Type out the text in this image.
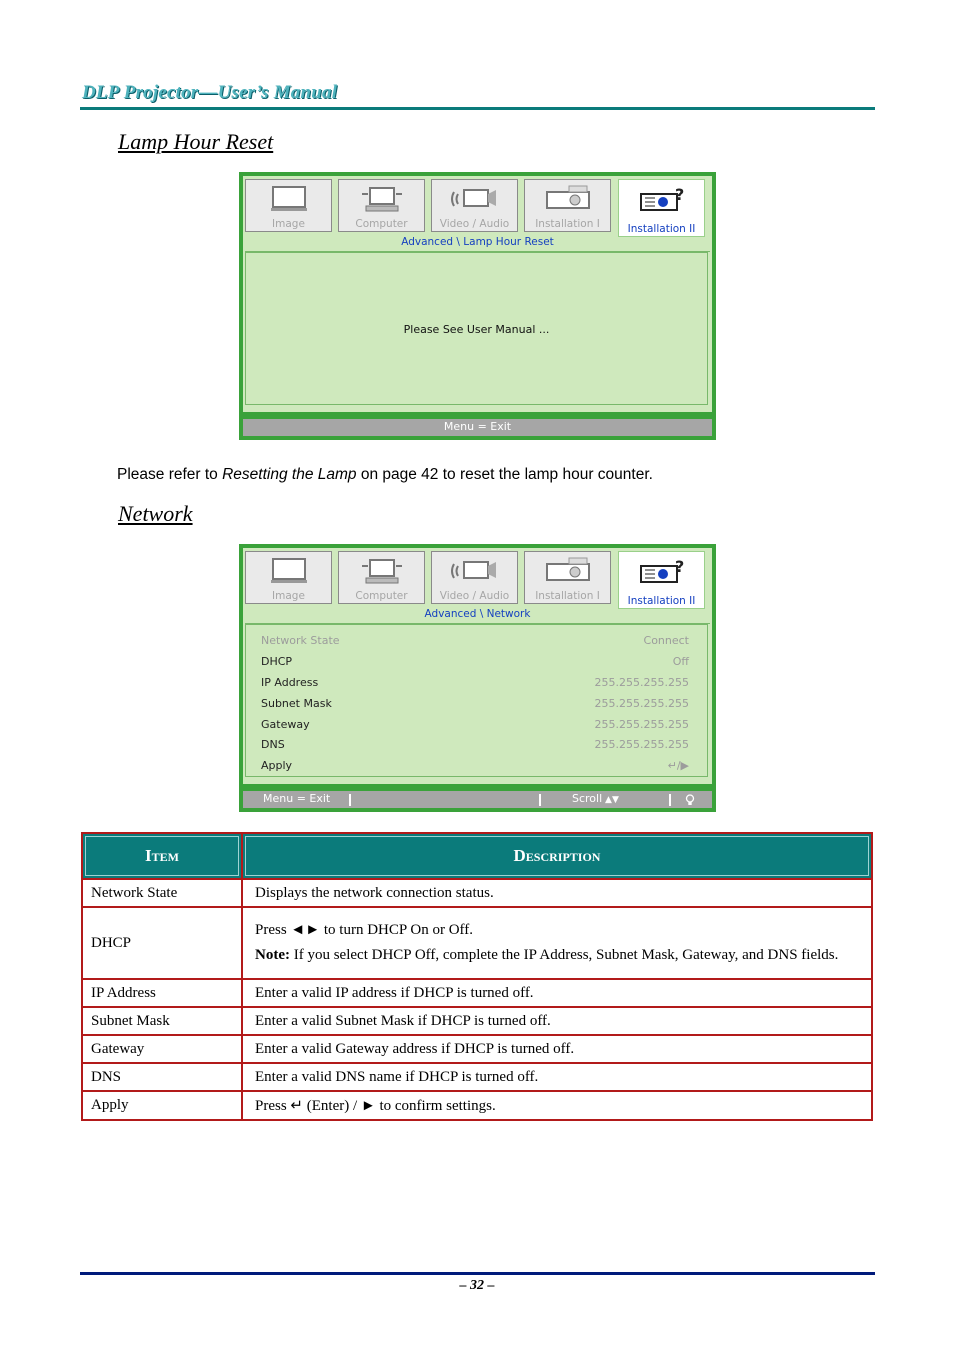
DLP Projector—User’s Manual
Lamp Hour Reset
Image	Computer	Video / Audio	Installation I
?
Installation II
Advanced \ Lamp Hour Reset
Please See User Manual ...
Menu = Exit
Please refer to Resetting the Lamp on page 42 to reset the lamp hour counter.
Network
Image	Computer	Video / Audio	Installation I
?
Installation II
Advanced \ Network
Network State	Connect
DHCP	Off
IP Address	255.255.255.255
Subnet Mask	255.255.255.255
Gateway	255.255.255.255
DNS	255.255.255.255
Apply	↵/▶
Menu = Exit	Scroll ▲▼
Item	Description
Network State	Displays the network connection status.
DHCP	Press ◄► to turn DHCP On or Off.

Note: If you select DHCP Off, complete the IP Address, Subnet Mask, Gateway, and DNS fields.

IP Address	Enter a valid IP address if DHCP is turned off.
Subnet Mask	Enter a valid Subnet Mask if DHCP is turned off.
Gateway	Enter a valid Gateway address if DHCP is turned off.
DNS	Enter a valid DNS name if DHCP is turned off.
Apply	Press ↵ (Enter) / ► to confirm settings.
– 32 –
